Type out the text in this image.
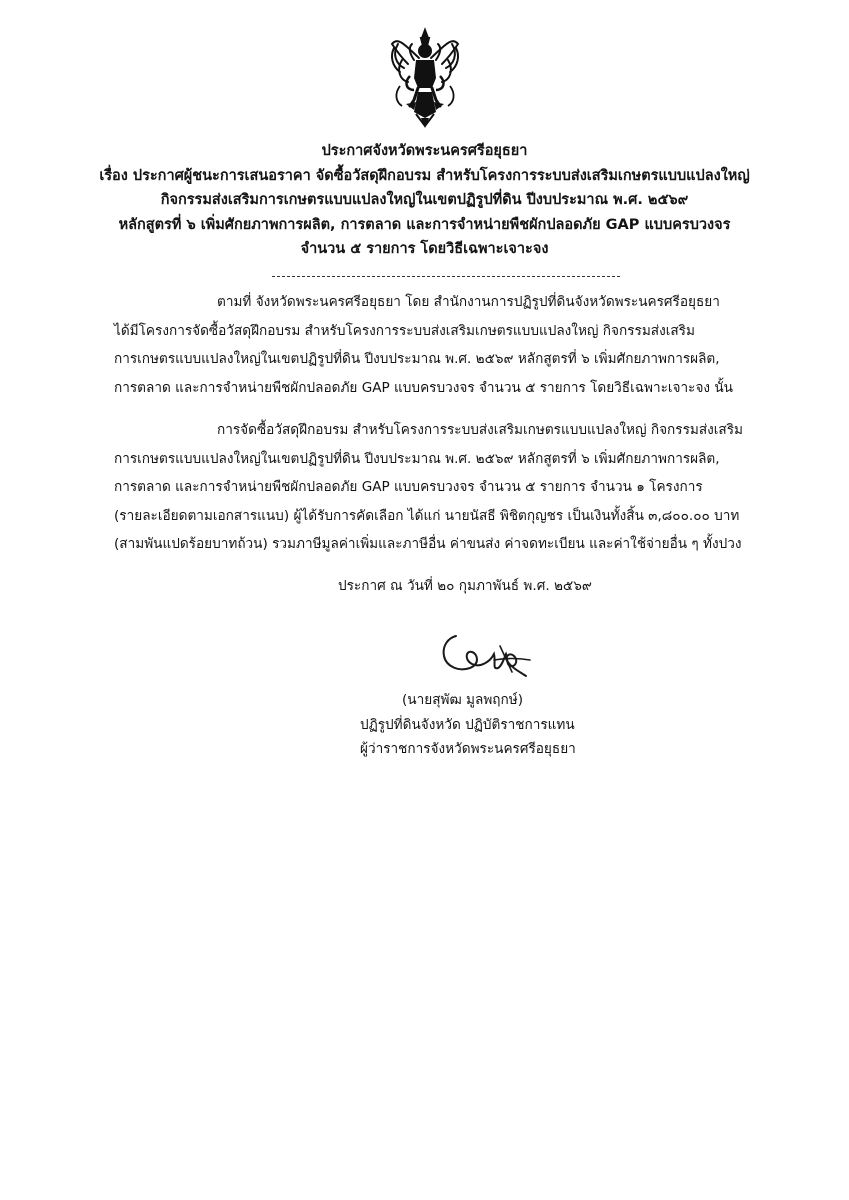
ประกาศจังหวัดพระนครศรีอยุธยา
เรื่อง ประกาศผู้ชนะการเสนอราคา จัดซื้อวัสดุฝึกอบรม สำหรับโครงการระบบส่งเสริมเกษตรแบบแปลงใหญ่
กิจกรรมส่งเสริมการเกษตรแบบแปลงใหญ่ในเขตปฏิรูปที่ดิน ปีงบประมาณ พ.ศ. ๒๕๖๙
หลักสูตรที่ ๖ เพิ่มศักยภาพการผลิต, การตลาด และการจำหน่ายพืชผักปลอดภัย GAP แบบครบวงจร
จำนวน ๕ รายการ โดยวิธีเฉพาะเจาะจง
ตามที่ จังหวัดพระนครศรีอยุธยา โดย สำนักงานการปฏิรูปที่ดินจังหวัดพระนครศรีอยุธยา
ได้มีโครงการจัดซื้อวัสดุฝึกอบรม สำหรับโครงการระบบส่งเสริมเกษตรแบบแปลงใหญ่ กิจกรรมส่งเสริม
การเกษตรแบบแปลงใหญ่ในเขตปฏิรูปที่ดิน ปีงบประมาณ พ.ศ. ๒๕๖๙ หลักสูตรที่ ๖ เพิ่มศักยภาพการผลิต,
การตลาด และการจำหน่ายพืชผักปลอดภัย GAP แบบครบวงจร จำนวน ๕ รายการ โดยวิธีเฉพาะเจาะจง นั้น
การจัดซื้อวัสดุฝึกอบรม สำหรับโครงการระบบส่งเสริมเกษตรแบบแปลงใหญ่ กิจกรรมส่งเสริม
การเกษตรแบบแปลงใหญ่ในเขตปฏิรูปที่ดิน ปีงบประมาณ พ.ศ. ๒๕๖๙ หลักสูตรที่ ๖ เพิ่มศักยภาพการผลิต,
การตลาด และการจำหน่ายพืชผักปลอดภัย GAP แบบครบวงจร จำนวน ๕ รายการ จำนวน ๑ โครงการ
(รายละเอียดตามเอกสารแนบ) ผู้ได้รับการคัดเลือก ได้แก่ นายนัสธี พิชิตกุญชร เป็นเงินทั้งสิ้น ๓,๘๐๐.๐๐ บาท
(สามพันแปดร้อยบาทถ้วน) รวมภาษีมูลค่าเพิ่มและภาษีอื่น ค่าขนส่ง ค่าจดทะเบียน และค่าใช้จ่ายอื่น ๆ ทั้งปวง
ประกาศ ณ วันที่ ๒๐ กุมภาพันธ์ พ.ศ. ๒๕๖๙
(นายสุพัฒ มูลพฤกษ์)
ปฏิรูปที่ดินจังหวัด ปฏิบัติราชการแทน
ผู้ว่าราชการจังหวัดพระนครศรีอยุธยา
